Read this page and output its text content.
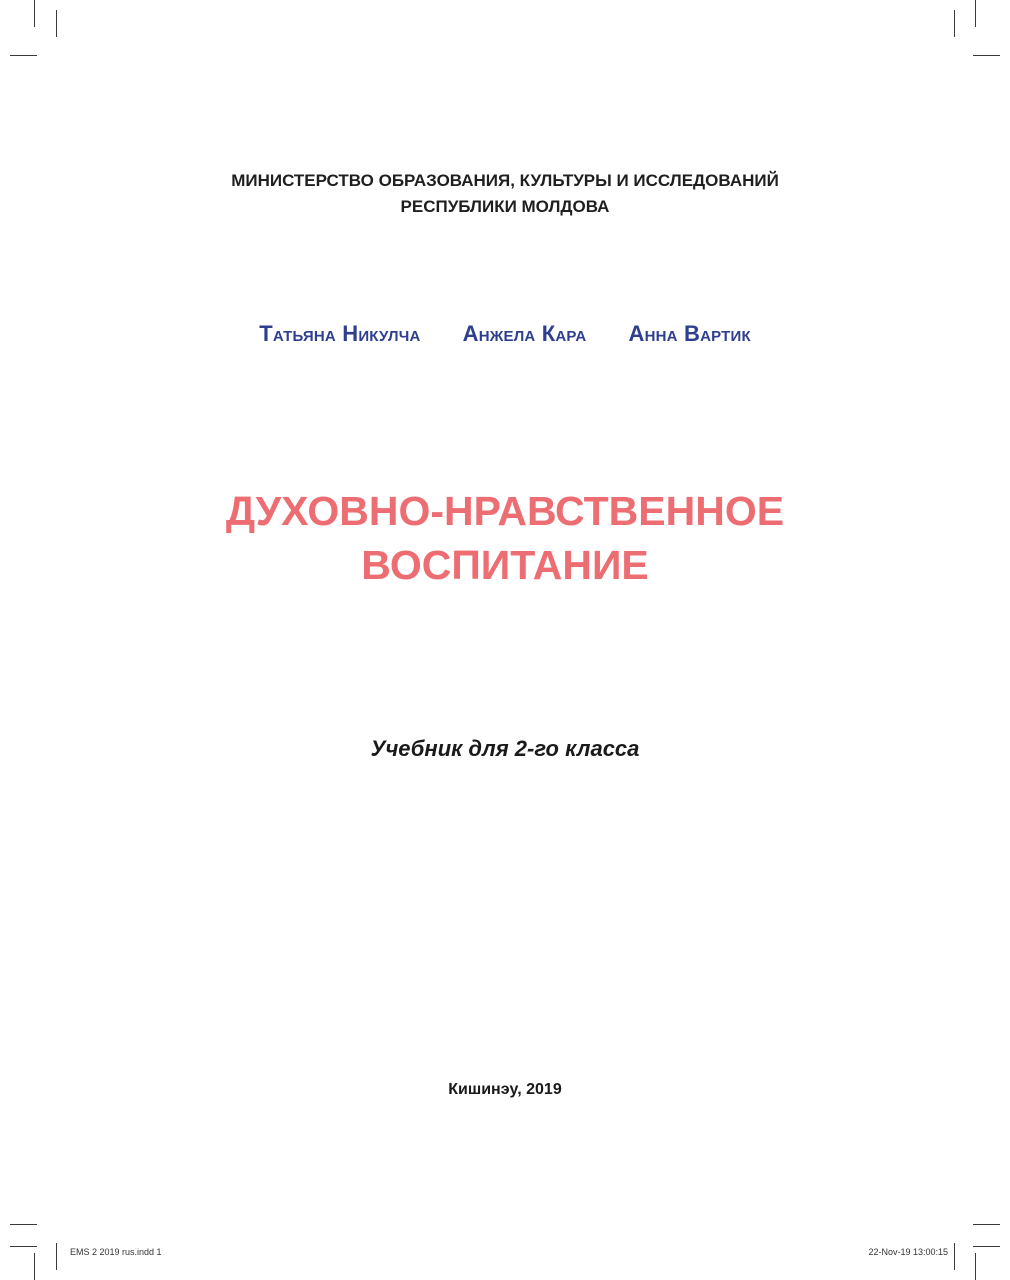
МИНИСТЕРСТВО ОБРАЗОВАНИЯ, КУЛЬТУРЫ И ИССЛЕДОВАНИЙ
РЕСПУБЛИКИ МОЛДОВА
Татьяна Никулча Анжела Кара Анна Вартик
ДУХОВНО-НРАВСТВЕННОЕ
ВОСПИТАНИЕ
Учебник для 2-го класса
Кишинэу, 2019
EMS 2 2019 rus.indd 1	22-Nov-19 13:00:15
